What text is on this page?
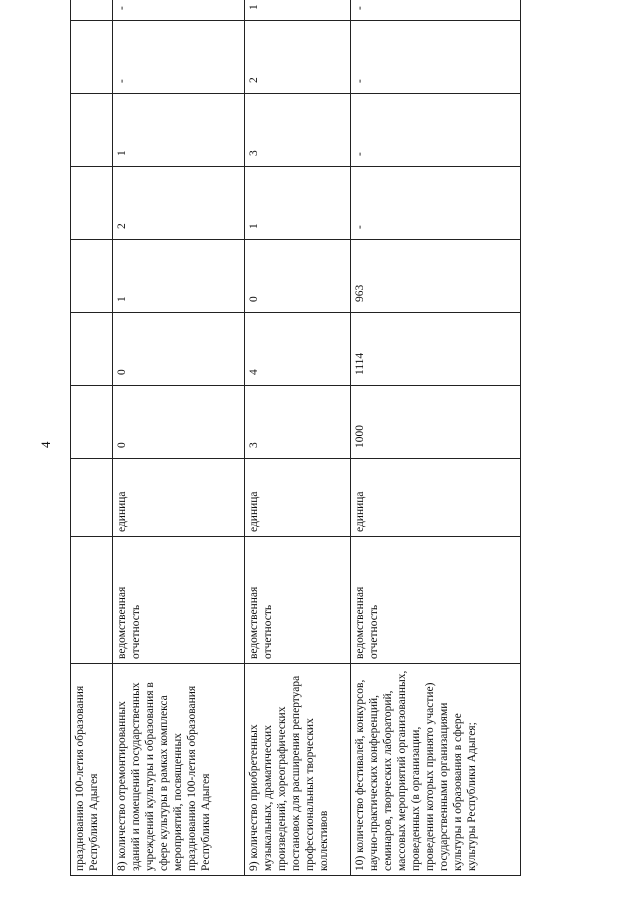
4
празднованию 100-летия образования Республики Адыгея											
8) количество отремонтированных зданий и помещений государственных учреждений культуры и образования в сфере культуры в рамках комплекса мероприятий, посвященных празднованию 100-летия образования Республики Адыгея	ведомственная отчетность	единица	0	0	1	2	1	-	-		
9) количество приобретенных музыкальных, драматических произведений, хореографических постановок для расширения репертуара профессиональных творческих коллективов	ведомственная отчетность	единица	3	4	0	1	3	2	1		
10) количество фестивалей, конкурсов, научно-практических конференций, семинаров, творческих лабораторий, массовых мероприятий организованных, проведенных (в организации, проведении которых принято участие) государственными организациями культуры и образования в сфере культуры Республики Адыгея;	ведомственная отчетность	единица	1000	1114	963	-	-	-	-		
